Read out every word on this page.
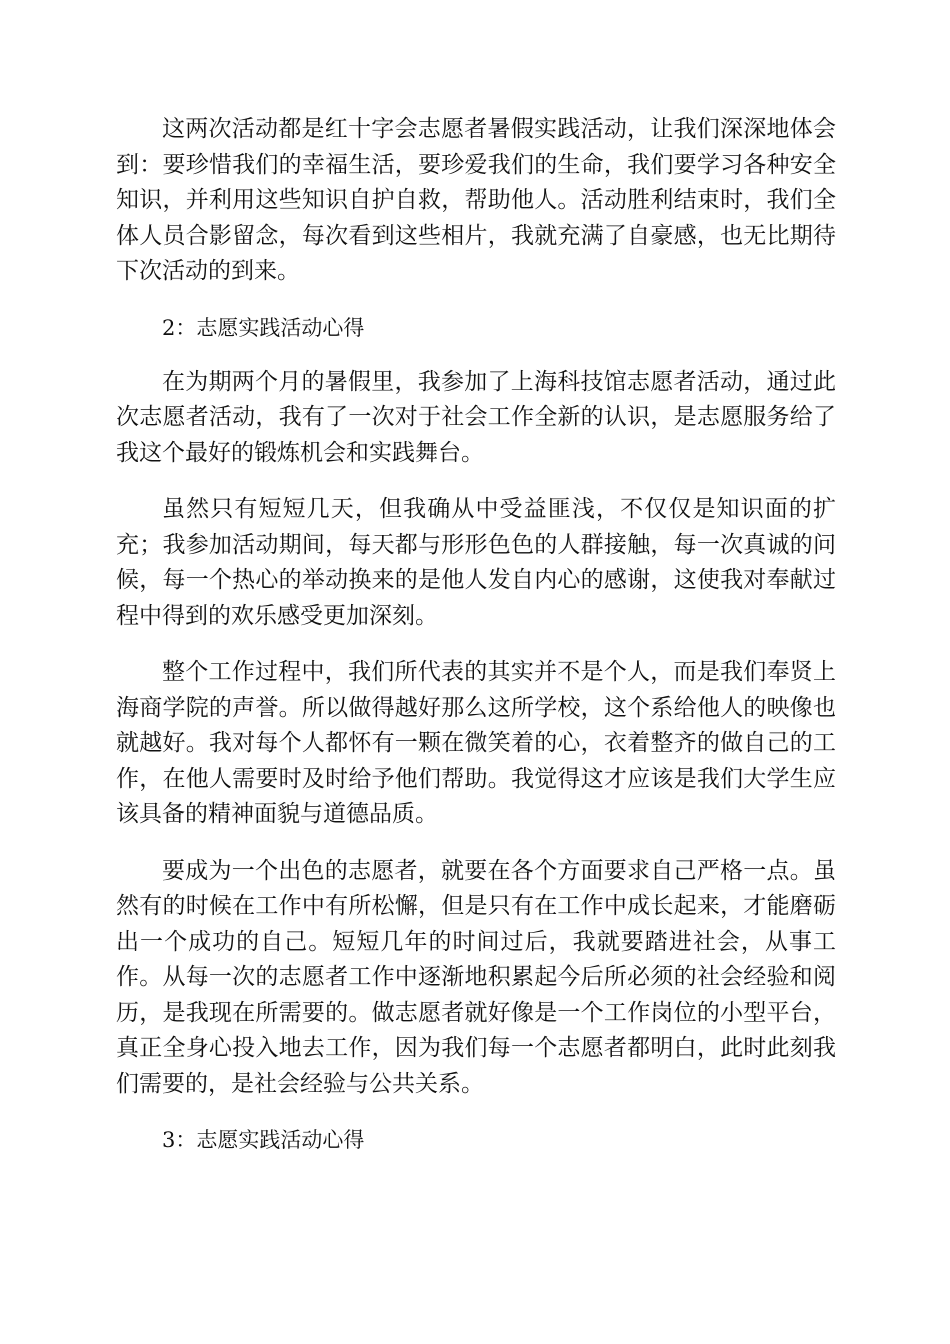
这两次活动都是红十字会志愿者暑假实践活动，让我们深深地体会到：要珍惜我们的幸福生活，要珍爱我们的生命，我们要学习各种安全知识，并利用这些知识自护自救，帮助他人。活动胜利结束时，我们全体人员合影留念，每次看到这些相片，我就充满了自豪感，也无比期待下次活动的到来。

2：志愿实践活动心得

在为期两个月的暑假里，我参加了上海科技馆志愿者活动，通过此次志愿者活动，我有了一次对于社会工作全新的认识，是志愿服务给了我这个最好的锻炼机会和实践舞台。

虽然只有短短几天，但我确从中受益匪浅，不仅仅是知识面的扩充；我参加活动期间，每天都与形形色色的人群接触，每一次真诚的问候，每一个热心的举动换来的是他人发自内心的感谢，这使我对奉献过程中得到的欢乐感受更加深刻。

整个工作过程中，我们所代表的其实并不是个人，而是我们奉贤上海商学院的声誉。所以做得越好那么这所学校，这个系给他人的映像也就越好。我对每个人都怀有一颗在微笑着的心，衣着整齐的做自己的工作，在他人需要时及时给予他们帮助。我觉得这才应该是我们大学生应该具备的精神面貌与道德品质。

要成为一个出色的志愿者，就要在各个方面要求自己严格一点。虽然有的时候在工作中有所松懈，但是只有在工作中成长起来，才能磨砺出一个成功的自己。短短几年的时间过后，我就要踏进社会，从事工作。从每一次的志愿者工作中逐渐地积累起今后所必须的社会经验和阅历，是我现在所需要的。做志愿者就好像是一个工作岗位的小型平台，真正全身心投入地去工作，因为我们每一个志愿者都明白，此时此刻我们需要的，是社会经验与公共关系。

3：志愿实践活动心得
